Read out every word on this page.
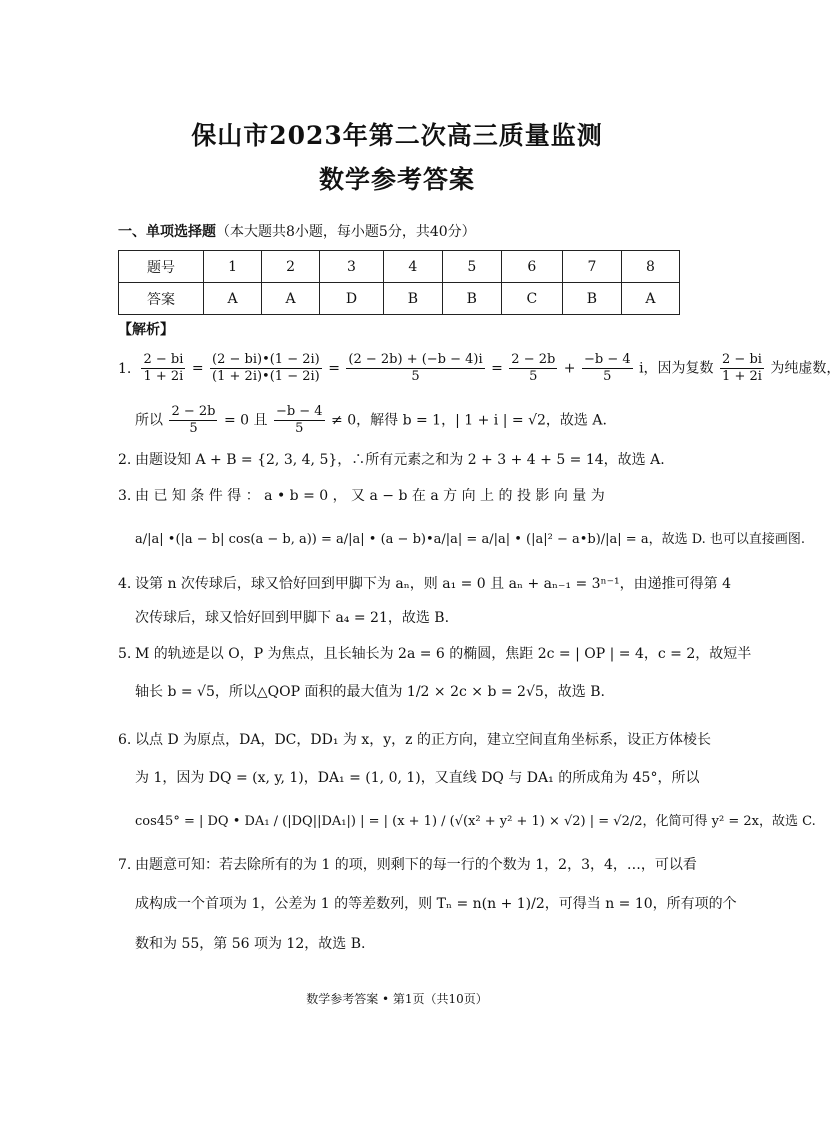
保山市2023年第二次高三质量监测
数学参考答案
一、单项选择题（本大题共8小题，每小题5分，共40分）
题号	1	2	3	4	5	6	7	8
答案	A	A	D	B	B	C	B	A
【解析】
1. $\frac{2 - bi}{1 + 2i} = \frac{(2 - bi)•(1 - 2i)}{(1 + 2i)•(1 - 2i)} = \frac{(2 - 2b) + (-b - 4)i}{5} = \frac{2 - 2b}{5} + \frac{-b - 4}{5}$ i，因为复数 $\frac{2 - bi}{1 + 2i}$ 为纯虚数，
所以 $\frac{2 - 2b}{5} = 0$ 且 $\frac{-b - 4}{5} \ne 0$，解得 b = 1，| 1 + i | = √2，故选 A.
2. 由题设知 A + B = {2, 3, 4, 5}，∴所有元素之和为 2 + 3 + 4 + 5 = 14，故选 A.
3. 由 已 知 条 件 得 ： a • b = 0 ， 又 a − b 在 a 方 向 上 的 投 影 向 量 为
a/|a| •(|a − b| cos(a − b, a)) = a/|a| • (a − b)•a/|a| = a/|a| • (|a|² − a•b)/|a| = a，故选 D. 也可以直接画图.
4. 设第 n 次传球后，球又恰好回到甲脚下为 aₙ，则 a₁ = 0 且 aₙ + aₙ₋₁ = 3ⁿ⁻¹，由递推可得第 4
次传球后，球又恰好回到甲脚下 a₄ = 21，故选 B.
5. M 的轨迹是以 O，P 为焦点，且长轴长为 2a = 6 的椭圆，焦距 2c = | OP | = 4，c = 2，故短半
轴长 b = √5，所以△QOP 面积的最大值为 1/2 × 2c × b = 2√5，故选 B.
6. 以点 D 为原点，DA，DC，DD₁ 为 x，y，z 的正方向，建立空间直角坐标系，设正方体棱长
为 1，因为 DQ = (x, y, 1)，DA₁ = (1, 0, 1)，又直线 DQ 与 DA₁ 的所成角为 45°，所以
cos45° = | DQ • DA₁ / (|DQ||DA₁|) | = | (x + 1) / (√(x² + y² + 1) × √2) | = √2/2，化简可得 y² = 2x，故选 C.
7. 由题意可知：若去除所有的为 1 的项，则剩下的每一行的个数为 1，2，3，4，…，可以看
成构成一个首项为 1，公差为 1 的等差数列，则 Tₙ = n(n + 1)/2，可得当 n = 10，所有项的个
数和为 55，第 56 项为 12，故选 B.
数学参考答案 • 第1页（共10页）
